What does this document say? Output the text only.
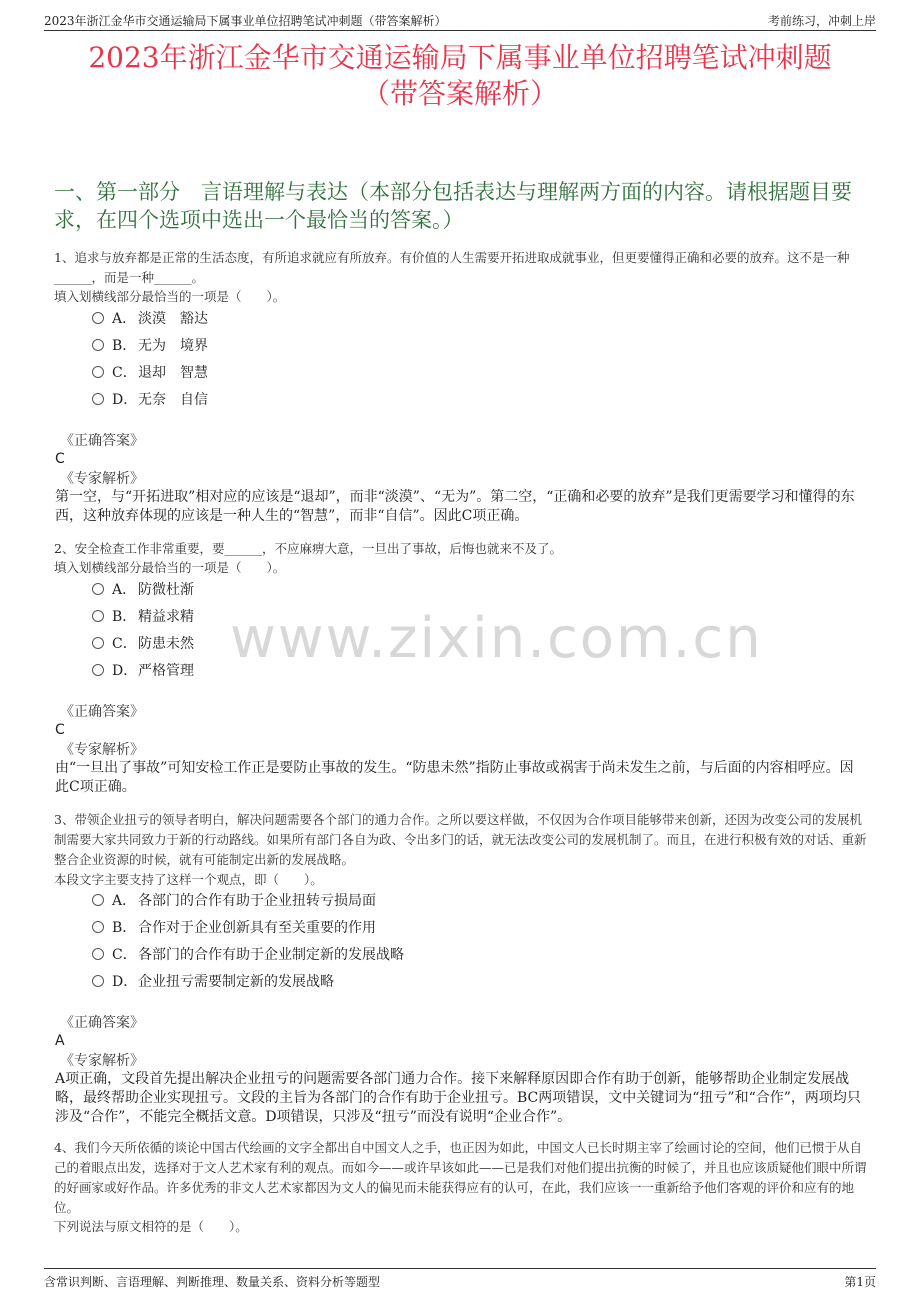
2023年浙江金华市交通运输局下属事业单位招聘笔试冲刺题（带答案解析）	考前练习，冲刺上岸
www.zixin.com.cn
2023年浙江金华市交通运输局下属事业单位招聘笔试冲刺题
（带答案解析）
一、第一部分　言语理解与表达（本部分包括表达与理解两方面的内容。请根据题目要求，在四个选项中选出一个最恰当的答案。）
1、追求与放弃都是正常的生活态度，有所追求就应有所放弃。有价值的人生需要开拓进取成就事业，但更要懂得正确和必要的放弃。这不是一种______，而是一种______。
填入划横线部分最恰当的一项是（　　）。
A． 淡漠　豁达
B． 无为　境界
C．退却　智慧
D．无奈　自信
《正确答案》
C
《专家解析》
第一空，与“开拓进取”相对应的应该是“退却”，而非“淡漠”、“无为”。第二空，“正确和必要的放弃”是我们更需要学习和懂得的东西，这种放弃体现的应该是一种人生的“智慧”，而非“自信”。因此C项正确。
2、安全检查工作非常重要，要______，不应麻痹大意，一旦出了事故，后悔也就来不及了。
填入划横线部分最恰当的一项是（　　）。
A． 防微杜渐
B． 精益求精
C．防患未然
D．严格管理
《正确答案》
C
《专家解析》
由“一旦出了事故”可知安检工作正是要防止事故的发生。“防患未然”指防止事故或祸害于尚未发生之前，与后面的内容相呼应。因此C项正确。
3、带领企业扭亏的领导者明白，解决问题需要各个部门的通力合作。之所以要这样做，不仅因为合作项目能够带来创新，还因为改变公司的发展机制需要大家共同致力于新的行动路线。如果所有部门各自为政、令出多门的话，就无法改变公司的发展机制了。而且，在进行积极有效的对话、重新整合企业资源的时候，就有可能制定出新的发展战略。
本段文字主要支持了这样一个观点，即（　　）。
A． 各部门的合作有助于企业扭转亏损局面
B． 合作对于企业创新具有至关重要的作用
C．各部门的合作有助于企业制定新的发展战略
D．企业扭亏需要制定新的发展战略
《正确答案》
A
《专家解析》
A项正确，文段首先提出解决企业扭亏的问题需要各部门通力合作。接下来解释原因即合作有助于创新，能够帮助企业制定发展战略，最终帮助企业实现扭亏。文段的主旨为各部门的合作有助于企业扭亏。BC两项错误，文中关键词为“扭亏”和“合作”，两项均只涉及“合作”，不能完全概括文意。D项错误，只涉及“扭亏”而没有说明“企业合作”。
4、我们今天所依循的谈论中国古代绘画的文字全都出自中国文人之手，也正因为如此，中国文人已长时期主宰了绘画讨论的空间，他们已惯于从自己的着眼点出发，选择对于文人艺术家有利的观点。而如今——或许早该如此——已是我们对他们提出抗衡的时候了，并且也应该质疑他们眼中所谓的好画家或好作品。许多优秀的非文人艺术家都因为文人的偏见而未能获得应有的认可，在此，我们应该一一重新给予他们客观的评价和应有的地位。
下列说法与原文相符的是（　　）。
含常识判断、言语理解、判断推理、数量关系、资料分析等题型	第1页
